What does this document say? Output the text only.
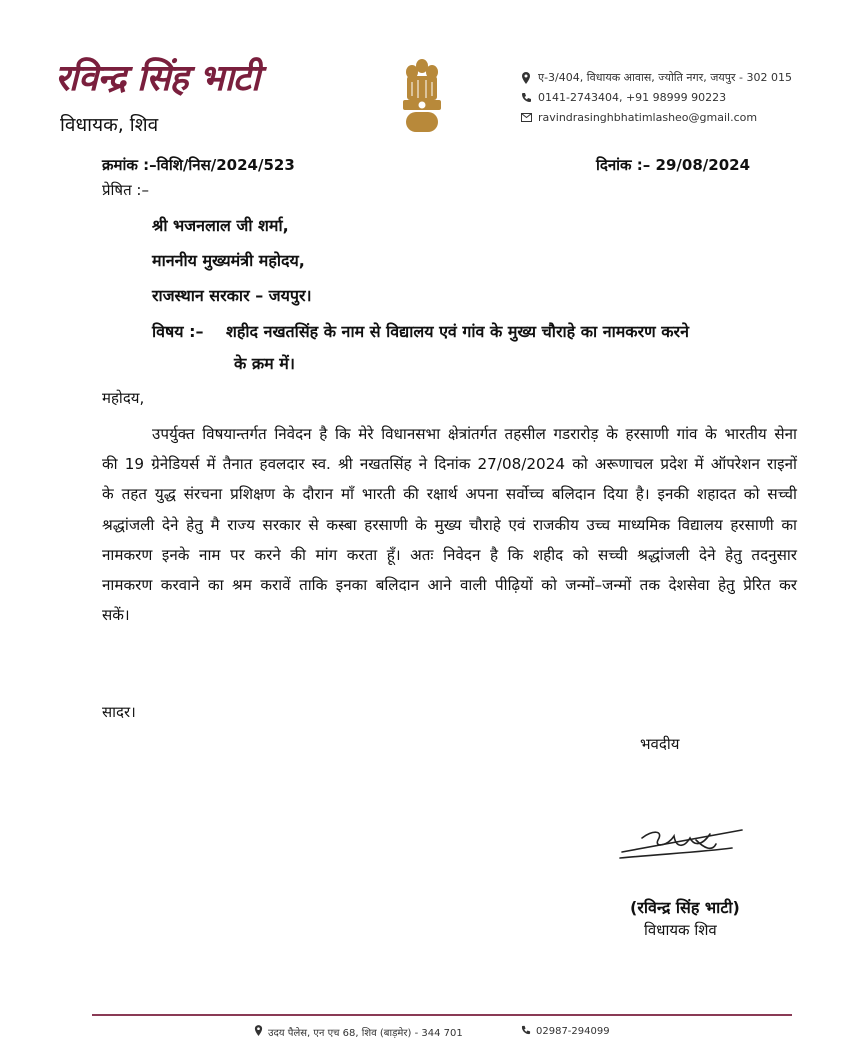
रविन्द्र सिंह भाटी
विधायक, शिव
ए-3/404, विधायक आवास, ज्योति नगर, जयपुर - 302 015
0141-2743404, +91 98999 90223
ravindrasinghbhatimlasheo@gmail.com
क्रमांक :–विशि/निस/2024/523	दिनांक :– 29/08/2024
प्रेषित :–
श्री भजनलाल जी शर्मा,
माननीय मुख्यमंत्री महोदय,
राजस्थान सरकार – जयपुर।
विषय :– शहीद नखतसिंह के नाम से विद्यालय एवं गांव के मुख्य चौराहे का नामकरण करने
के क्रम में।
महोदय,
उपर्युक्त विषयान्तर्गत निवेदन है कि मेरे विधानसभा क्षेत्रांतर्गत तहसील गडरारोड़ के हरसाणी गांव के भारतीय सेना की 19 ग्रेनेडियर्स में तैनात हवलदार स्व. श्री नखतसिंह ने दिनांक 27/08/2024 को अरूणाचल प्रदेश में ऑपरेशन राइनों के तहत युद्ध संरचना प्रशिक्षण के दौरान माँ भारती की रक्षार्थ अपना सर्वोच्च बलिदान दिया है। इनकी शहादत को सच्ची श्रद्धांजली देने हेतु मै राज्य सरकार से कस्बा हरसाणी के मुख्य चौराहे एवं राजकीय उच्च माध्यमिक विद्यालय हरसाणी का नामकरण इनके नाम पर करने की मांग करता हूँ। अतः निवेदन है कि शहीद को सच्ची श्रद्धांजली देने हेतु तदनुसार नामकरण करवाने का श्रम करावें ताकि इनका बलिदान आने वाली पीढ़ियों को जन्मों–जन्मों तक देशसेवा हेतु प्रेरित कर सकें।
सादर।
भवदीय
(रविन्द्र सिंह भाटी)
विधायक शिव
उदय पैलेस, एन एच 68, शिव (बाड़मेर) - 344 701	02987-294099
